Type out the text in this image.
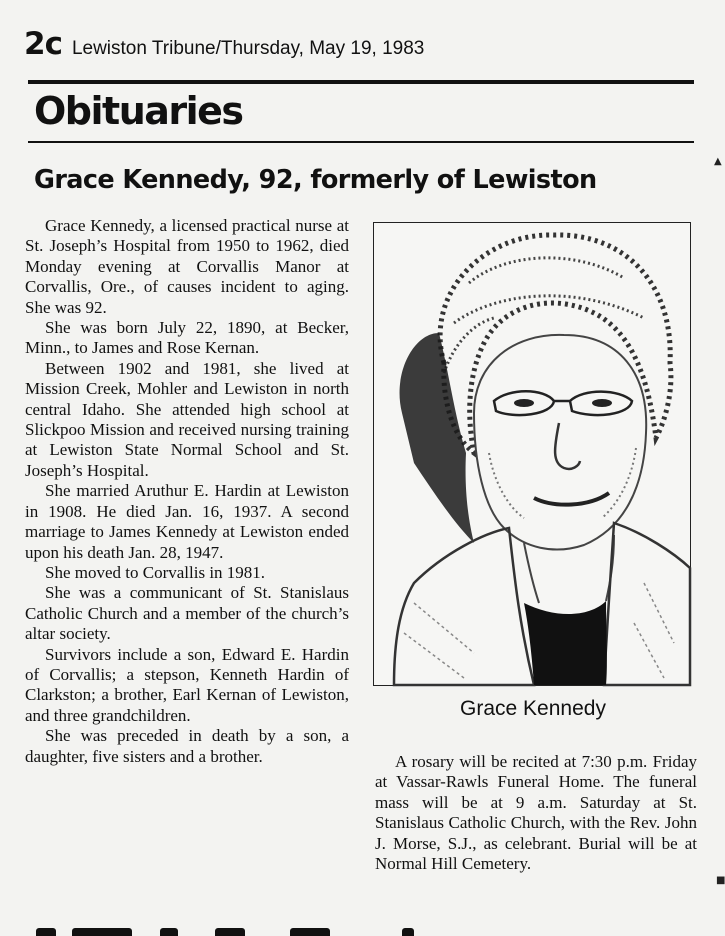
2c Lewiston Tribune/Thursday, May 19, 1983
Obituaries
Grace Kennedy, 92, formerly of Lewiston

Grace Kennedy, a licensed practical nurse at St. Joseph’s Hospital from 1950 to 1962, died Monday evening at Corvallis Manor at Corvallis, Ore., of causes incident to aging. She was 92.

She was born July 22, 1890, at Becker, Minn., to James and Rose Kernan.

Between 1902 and 1981, she lived at Mission Creek, Mohler and Lewiston in north central Idaho. She attended high school at Slickpoo Mission and received nursing training at Lewiston State Normal School and St. Joseph’s Hospital.

She married Aruthur E. Hardin at Lewiston in 1908. He died Jan. 16, 1937. A second marriage to James Kennedy at Lewiston ended upon his death Jan. 28, 1947.

She moved to Corvallis in 1981.

She was a communicant of St. Stanislaus Catholic Church and a member of the church’s altar society.

Survivors include a son, Edward E. Hardin of Corvallis; a stepson, Kenneth Hardin of Clarkston; a brother, Earl Kernan of Lewiston, and three grandchildren.

She was preceded in death by a son, a daughter, five sisters and a brother.

Grace Kennedy

A rosary will be recited at 7:30 p.m. Friday at Vassar-Rawls Funeral Home. The funeral mass will be at 9 a.m. Saturday at St. Stanislaus Catholic Church, with the Rev. John J. Morse, S.J., as celebrant. Burial will be at Normal Hill Cemetery.

▲
■
